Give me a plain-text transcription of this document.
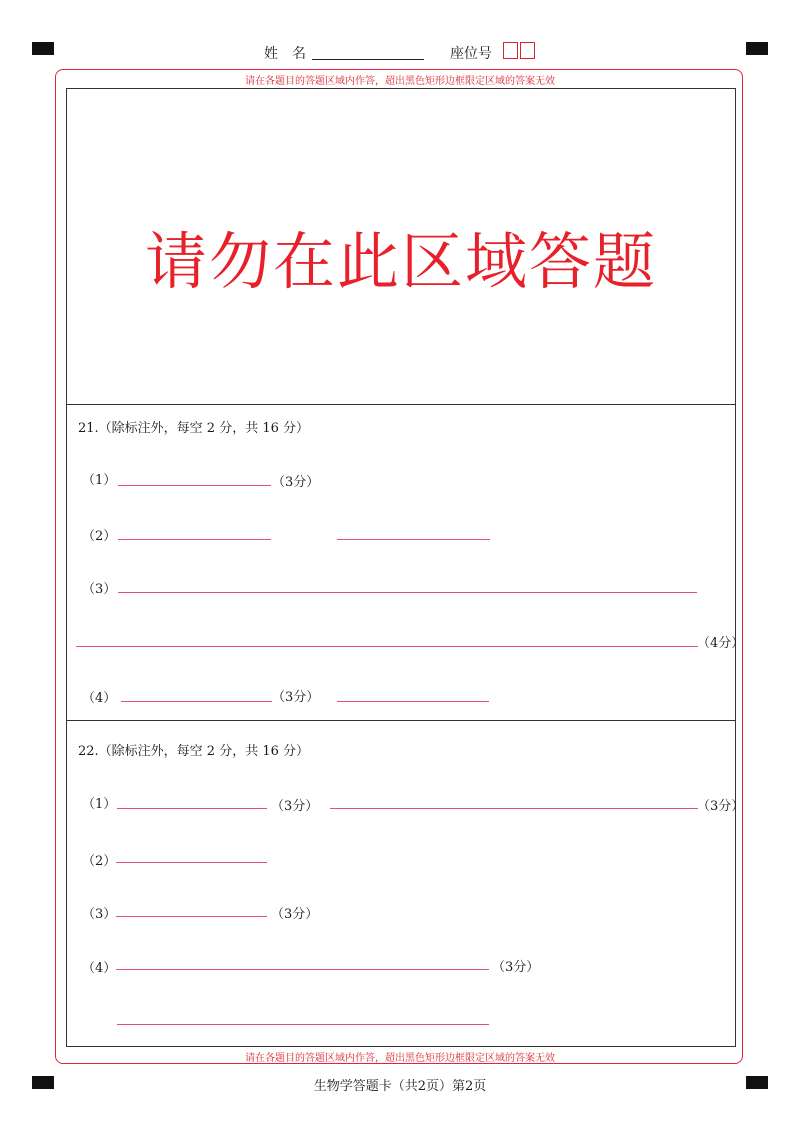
姓　名	座位号
请在各题目的答题区域内作答，超出黑色矩形边框限定区域的答案无效
请在各题目的答题区域内作答，超出黑色矩形边框限定区域的答案无效
请勿在此区域答题
21.（除标注外，每空 2 分，共 16 分）
（1）	（3分）
（2）
（3）
（4分）
（4）	（3分）
22.（除标注外，每空 2 分，共 16 分）
（1）	（3分）	（3分）
（2）
（3）	（3分）
（4）	（3分）
生物学答题卡（共2页）第2页
